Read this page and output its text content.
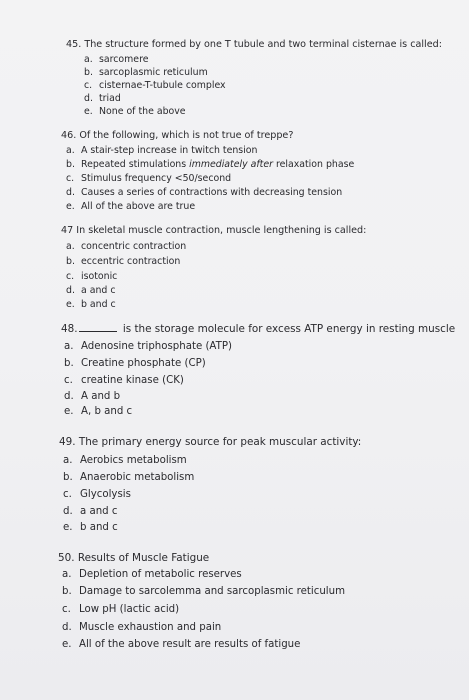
45. The structure formed by one T tubule and two terminal cisternae is called:
a. sarcomere
b. sarcoplasmic reticulum
c. cisternae-T-tubule complex
d. triad
e. None of the above
46. Of the following, which is not true of treppe?
a. A stair-step increase in twitch tension
b. Repeated stimulations immediately after relaxation phase
c. Stimulus frequency <50/second
d. Causes a series of contractions with decreasing tension
e. All of the above are true
47 In skeletal muscle contraction, muscle lengthening is called:
a. concentric contraction
b. eccentric contraction
c. isotonic
d. a and c
e. b and c
48.	is the storage molecule for excess ATP energy in resting muscle
a. Adenosine triphosphate (ATP)
b. Creatine phosphate (CP)
c. creatine kinase (CK)
d. A and b
e. A, b and c
49. The primary energy source for peak muscular activity:
a. Aerobics metabolism
b. Anaerobic metabolism
c. Glycolysis
d. a and c
e. b and c
50. Results of Muscle Fatigue
a. Depletion of metabolic reserves
b. Damage to sarcolemma and sarcoplasmic reticulum
c. Low pH (lactic acid)
d. Muscle exhaustion and pain
e. All of the above result are results of fatigue
